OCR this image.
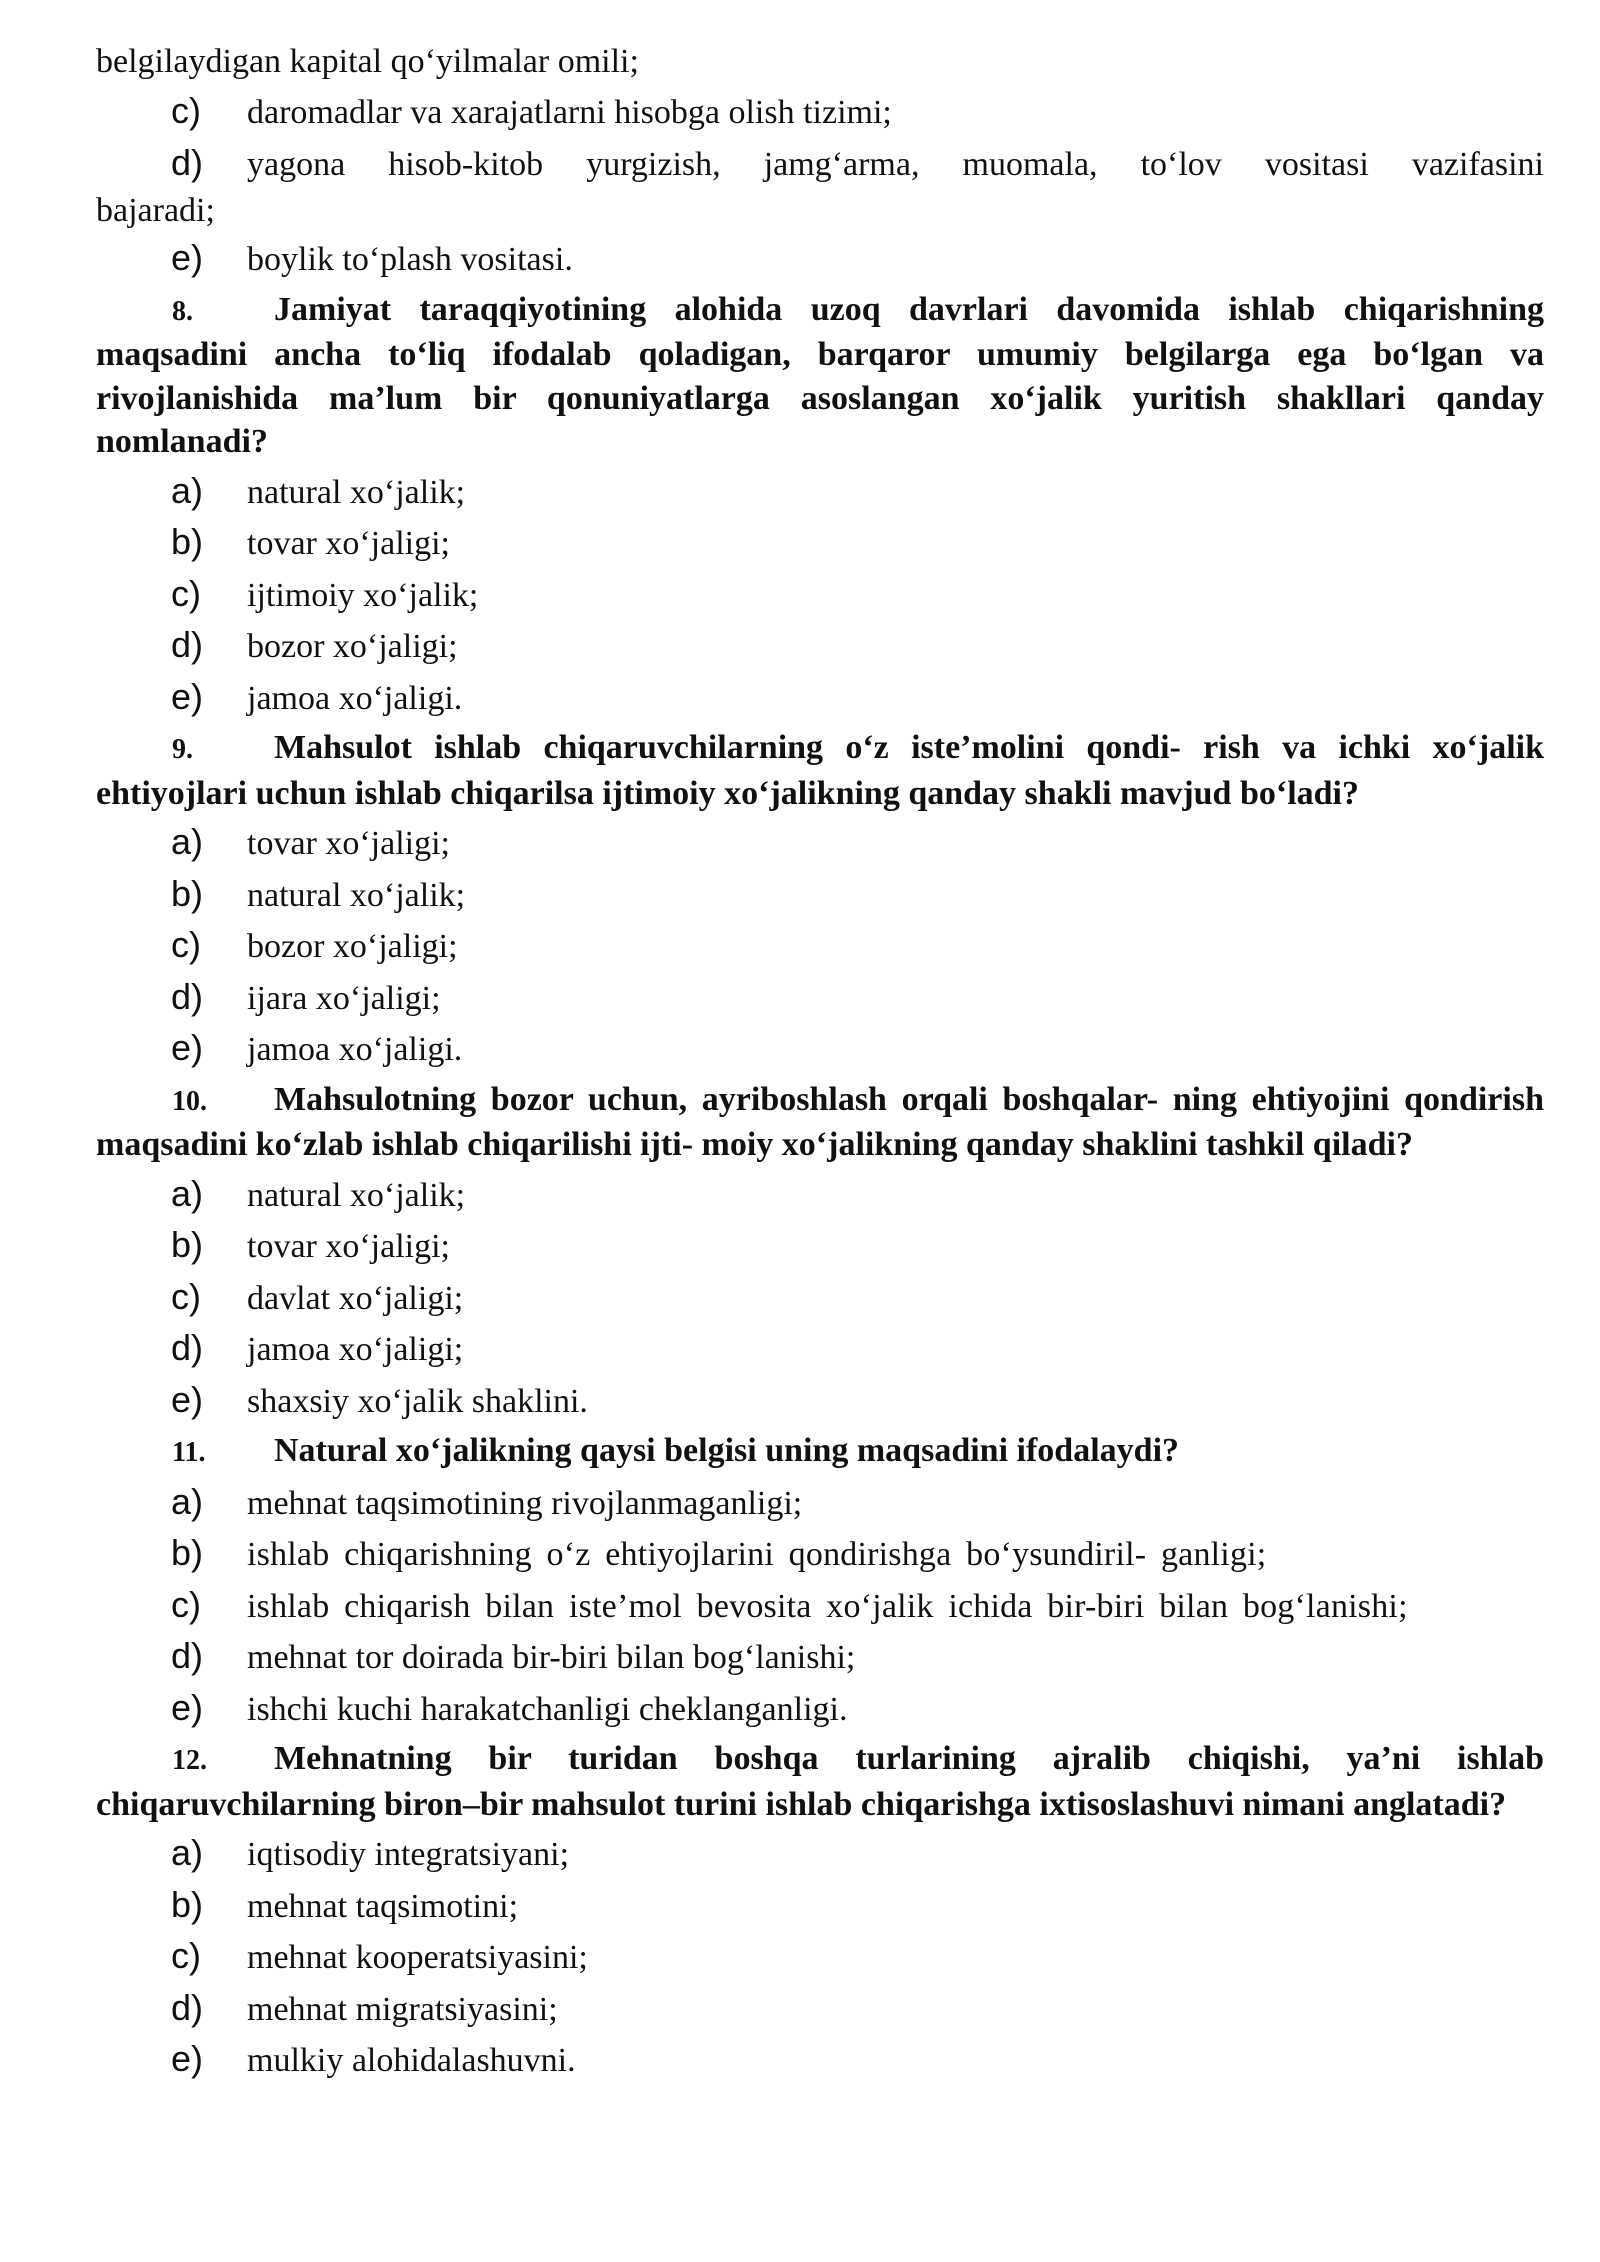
belgilaydigan kapital qo‘yilmalar omili;
c)	daromadlar va xarajatlarni hisobga olish tizimi;
d)	yagona hisob-kitob yurgizish, jamg‘arma, muomala, to‘lov vositasi vazifasini
bajaradi;
e)	boylik to‘plash vositasi.
8. Jamiyat taraqqiyotining alohida uzoq davrlari davomida ishlab chiqarishning maqsadini ancha to‘liq ifodalab qoladigan, barqaror umumiy belgilarga ega bo‘lgan va rivojlanishida ma’lum bir qonuniyatlarga asoslangan xo‘jalik yuritish shakllari qanday nomlanadi?
a)	natural xo‘jalik;
b)	tovar xo‘jaligi;
c)	ijtimoiy xo‘jalik;
d)	bozor xo‘jaligi;
e)	jamoa xo‘jaligi.
9. Mahsulot ishlab chiqaruvchilarning o‘z iste’molini qondi- rish va ichki xo‘jalik ehtiyojlari uchun ishlab chiqarilsa ijtimoiy xo‘jalikning qanday shakli mavjud bo‘ladi?
a)	tovar xo‘jaligi;
b)	natural xo‘jalik;
c)	bozor xo‘jaligi;
d)	ijara xo‘jaligi;
e)	jamoa xo‘jaligi.
10. Mahsulotning bozor uchun, ayriboshlash orqali boshqalar- ning ehtiyojini qondirish maqsadini ko‘zlab ishlab chiqarilishi ijti- moiy xo‘jalikning qanday shaklini tashkil qiladi?
a)	natural xo‘jalik;
b)	tovar xo‘jaligi;
c)	davlat xo‘jaligi;
d)	jamoa xo‘jaligi;
e)	shaxsiy xo‘jalik shaklini.
11. Natural xo‘jalikning qaysi belgisi uning maqsadini ifodalaydi?
a)	mehnat taqsimotining rivojlanmaganligi;
b)	ishlab chiqarishning o‘z ehtiyojlarini qondirishga bo‘ysundiril- ganligi;
c)	ishlab chiqarish bilan iste’mol bevosita xo‘jalik ichida bir-biri bilan bog‘lanishi;
d)	mehnat tor doirada bir-biri bilan bog‘lanishi;
e)	ishchi kuchi harakatchanligi cheklanganligi.
12. Mehnatning bir turidan boshqa turlarining ajralib chiqishi, ya’ni ishlab chiqaruvchilarning biron–bir mahsulot turini ishlab chiqarishga ixtisoslashuvi nimani anglatadi?
a)	iqtisodiy integratsiyani;
b)	mehnat taqsimotini;
c)	mehnat kooperatsiyasini;
d)	mehnat migratsiyasini;
e)	mulkiy alohidalashuvni.
